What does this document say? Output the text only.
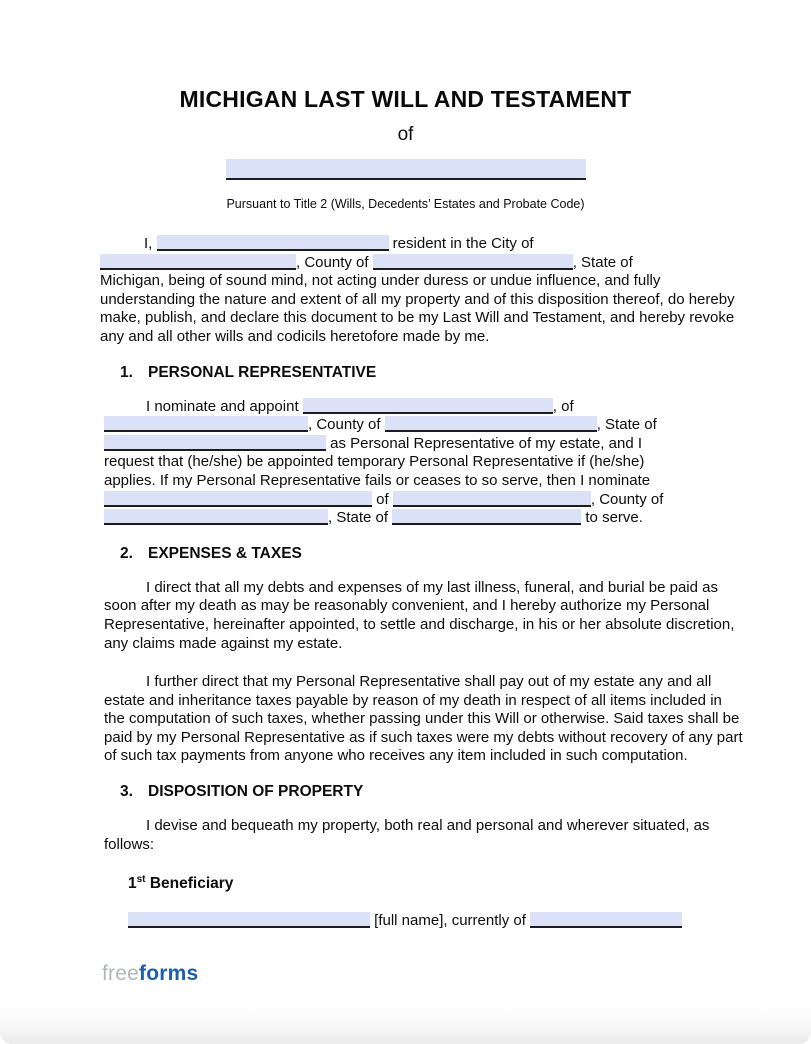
MICHIGAN LAST WILL AND TESTAMENT
of
Pursuant to Title 2 (Wills, Decedents’ Estates and Probate Code)

I,	resident in the City of
, County of	, State of
Michigan, being of sound mind, not acting under duress or undue influence, and fully understanding the nature and extent of all my property and of this disposition thereof, do hereby make, publish, and declare this document to be my Last Will and Testament, and hereby revoke any and all other wills and codicils heretofore made by me.

1. PERSONAL REPRESENTATIVE

I nominate and appoint	, of
, County of	, State of
as Personal Representative of my estate, and I
request that (he/she) be appointed temporary Personal Representative if (he/she)
applies. If my Personal Representative fails or ceases to so serve, then I nominate
of	, County of
, State of	to serve.

2. EXPENSES & TAXES

I direct that all my debts and expenses of my last illness, funeral, and burial be paid as soon after my death as may be reasonably convenient, and I hereby authorize my Personal Representative, hereinafter appointed, to settle and discharge, in his or her absolute discretion, any claims made against my estate.

I further direct that my Personal Representative shall pay out of my estate any and all estate and inheritance taxes payable by reason of my death in respect of all items included in the computation of such taxes, whether passing under this Will or otherwise. Said taxes shall be paid by my Personal Representative as if such taxes were my debts without recovery of any part of such tax payments from anyone who receives any item included in such computation.

3. DISPOSITION OF PROPERTY

I devise and bequeath my property, both real and personal and wherever situated, as follows:

1st Beneficiary

[full name], currently of

freeforms
